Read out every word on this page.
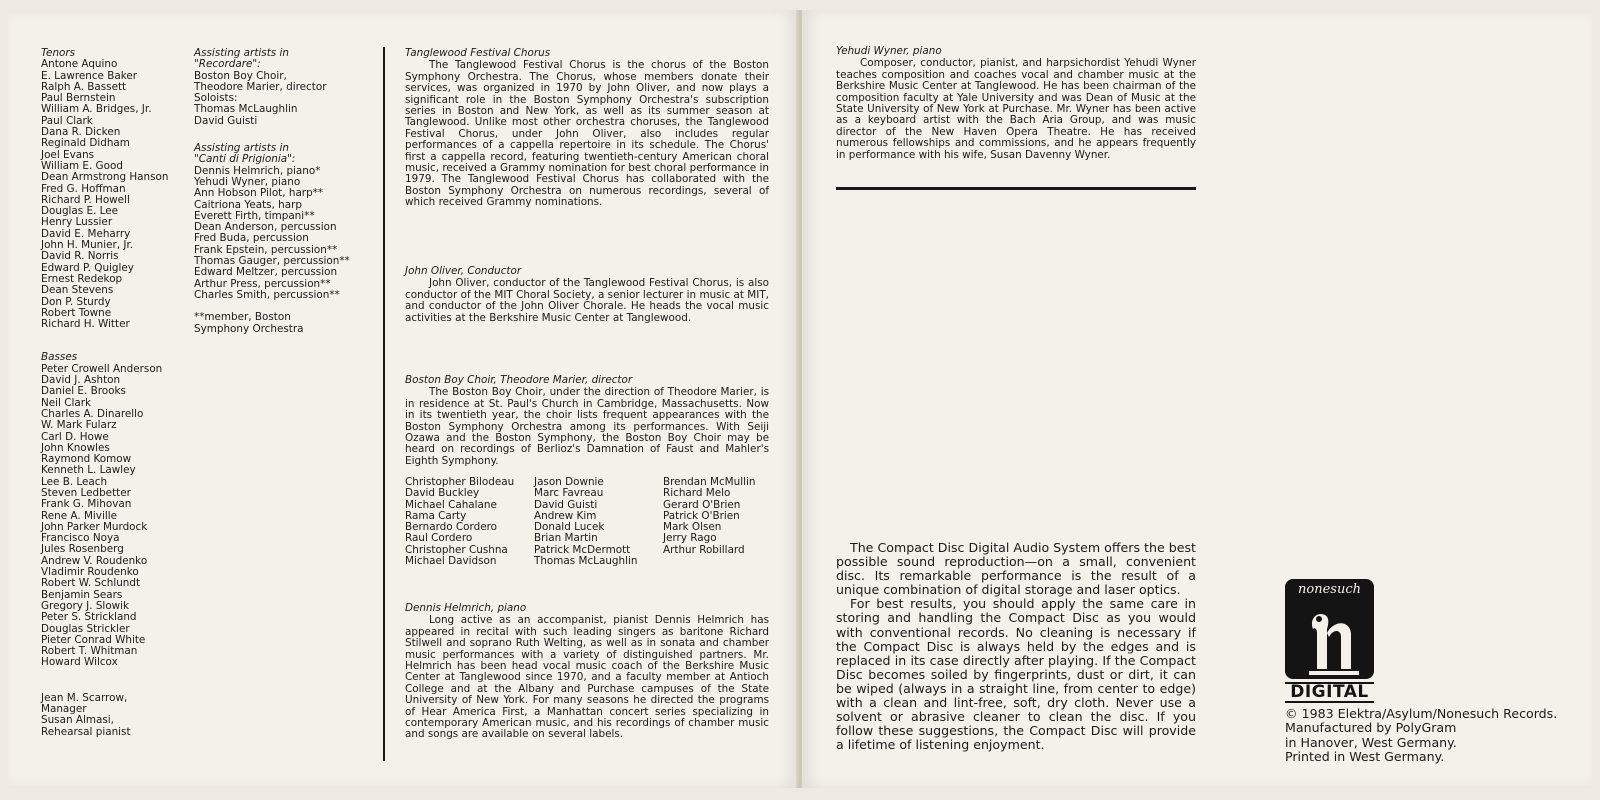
Tenors
Antone Aquino
E. Lawrence Baker
Ralph A. Bassett
Paul Bernstein
William A. Bridges, Jr.
Paul Clark
Dana R. Dicken
Reginald Didham
Joel Evans
William E. Good
Dean Armstrong Hanson
Fred G. Hoffman
Richard P. Howell
Douglas E. Lee
Henry Lussier
David E. Meharry
John H. Munier, Jr.
David R. Norris
Edward P. Quigley
Ernest Redekop
Dean Stevens
Don P. Sturdy
Robert Towne
Richard H. Witter
Basses
Peter Crowell Anderson
David J. Ashton
Daniel E. Brooks
Neil Clark
Charles A. Dinarello
W. Mark Fularz
Carl D. Howe
John Knowles
Raymond Komow
Kenneth L. Lawley
Lee B. Leach
Steven Ledbetter
Frank G. Mihovan
Rene A. Miville
John Parker Murdock
Francisco Noya
Jules Rosenberg
Andrew V. Roudenko
Vladimir Roudenko
Robert W. Schlundt
Benjamin Sears
Gregory J. Slowik
Peter S. Strickland
Douglas Strickler
Pieter Conrad White
Robert T. Whitman
Howard Wilcox
Jean M. Scarrow,
Manager
Susan Almasi,
Rehearsal pianist
Assisting artists in
"Recordare":
Boston Boy Choir,
Theodore Marier, director
Soloists:
Thomas McLaughlin
David Guisti
Assisting artists in
"Canti di Prigionia":
Dennis Helmrich, piano*
Yehudi Wyner, piano
Ann Hobson Pilot, harp**
Caitriona Yeats, harp
Everett Firth, timpani**
Dean Anderson, percussion
Fred Buda, percussion
Frank Epstein, percussion**
Thomas Gauger, percussion**
Edward Meltzer, percussion
Arthur Press, percussion**
Charles Smith, percussion**
**member, Boston
Symphony Orchestra
Tanglewood Festival Chorus

The Tanglewood Festival Chorus is the chorus of the Boston Symphony Orchestra. The Chorus, whose members donate their services, was organized in 1970 by John Oliver, and now plays a significant role in the Boston Symphony Orchestra's subscription series in Boston and New York, as well as its summer season at Tanglewood. Unlike most other orchestra choruses, the Tanglewood Festival Chorus, under John Oliver, also includes regular performances of a cappella repertoire in its schedule. The Chorus' first a cappella record, featuring twentieth-century American choral music, received a Grammy nomination for best choral performance in 1979. The Tanglewood Festival Chorus has collaborated with the Boston Symphony Orchestra on numerous recordings, several of which received Grammy nominations.

John Oliver, Conductor

John Oliver, conductor of the Tanglewood Festival Chorus, is also conductor of the MIT Choral Society, a senior lecturer in music at MIT, and conductor of the John Oliver Chorale. He heads the vocal music activities at the Berkshire Music Center at Tanglewood.

Boston Boy Choir, Theodore Marier, director

The Boston Boy Choir, under the direction of Theodore Marier, is in residence at St. Paul's Church in Cambridge, Massachusetts. Now in its twentieth year, the choir lists frequent appearances with the Boston Symphony Orchestra among its performances. With Seiji Ozawa and the Boston Symphony, the Boston Boy Choir may be heard on recordings of Berlioz's Damnation of Faust and Mahler's Eighth Symphony.

Christopher Bilodeau
David Buckley
Michael Cahalane
Rama Carty
Bernardo Cordero
Raul Cordero
Christopher Cushna
Michael Davidson
Jason Downie
Marc Favreau
David Guisti
Andrew Kim
Donald Lucek
Brian Martin
Patrick McDermott
Thomas McLaughlin
Brendan McMullin
Richard Melo
Gerard O'Brien
Patrick O'Brien
Mark Olsen
Jerry Rago
Arthur Robillard
Dennis Helmrich, piano

Long active as an accompanist, pianist Dennis Helmrich has appeared in recital with such leading singers as baritone Richard Stilwell and soprano Ruth Welting, as well as in sonata and chamber music performances with a variety of distinguished partners. Mr. Helmrich has been head vocal music coach of the Berkshire Music Center at Tanglewood since 1970, and a faculty member at Antioch College and at the Albany and Purchase campuses of the State University of New York. For many seasons he directed the programs of Hear America First, a Manhattan concert series specializing in contemporary American music, and his recordings of chamber music and songs are available on several labels.

Yehudi Wyner, piano

Composer, conductor, pianist, and harpsichordist Yehudi Wyner teaches composition and coaches vocal and chamber music at the Berkshire Music Center at Tanglewood. He has been chairman of the composition faculty at Yale University and was Dean of Music at the State University of New York at Purchase. Mr. Wyner has been active as a keyboard artist with the Bach Aria Group, and was music director of the New Haven Opera Theatre. He has received numerous fellowships and commissions, and he appears frequently in performance with his wife, Susan Davenny Wyner.

The Compact Disc Digital Audio System offers the best possible sound reproduction—on a small, convenient disc. Its remarkable performance is the result of a unique combination of digital storage and laser optics.

For best results, you should apply the same care in storing and handling the Compact Disc as you would with conventional records. No cleaning is necessary if the Compact Disc is always held by the edges and is replaced in its case directly after playing. If the Compact Disc becomes soiled by fingerprints, dust or dirt, it can be wiped (always in a straight line, from center to edge) with a clean and lint-free, soft, dry cloth. Never use a solvent or abrasive cleaner to clean the disc. If you follow these suggestions, the Compact Disc will provide a lifetime of listening enjoyment.

nonesuch
DIGITAL
© 1983 Elektra/Asylum/Nonesuch Records.
Manufactured by PolyGram
in Hanover, West Germany.
Printed in West Germany.
